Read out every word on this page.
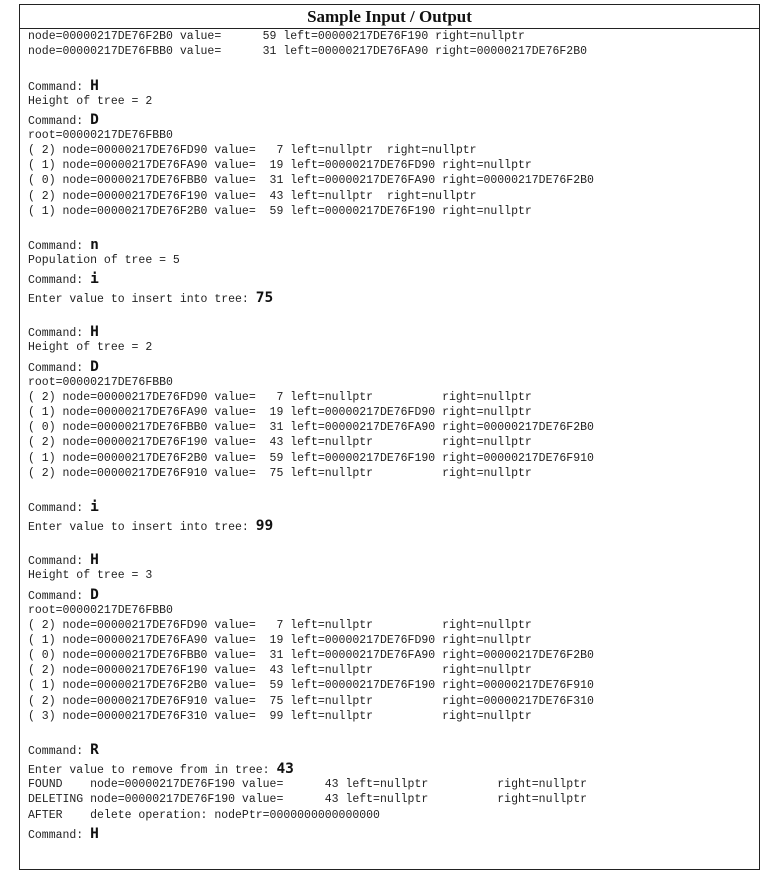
Sample Input / Output
node=00000217DE76F2B0 value=      59 left=00000217DE76F190 right=nullptr
node=00000217DE76FBB0 value=      31 left=00000217DE76FA90 right=00000217DE76F2B0
Command: H
Height of tree = 2
Command: D
root=00000217DE76FBB0
( 2) node=00000217DE76FD90 value=   7 left=nullptr  right=nullptr
( 1) node=00000217DE76FA90 value=  19 left=00000217DE76FD90 right=nullptr
( 0) node=00000217DE76FBB0 value=  31 left=00000217DE76FA90 right=00000217DE76F2B0
( 2) node=00000217DE76F190 value=  43 left=nullptr  right=nullptr
( 1) node=00000217DE76F2B0 value=  59 left=00000217DE76F190 right=nullptr
Command: n
Population of tree = 5
Command: i
Enter value to insert into tree: 75
Command: H
Height of tree = 2
Command: D
root=00000217DE76FBB0
( 2) node=00000217DE76FD90 value=   7 left=nullptr          right=nullptr
( 1) node=00000217DE76FA90 value=  19 left=00000217DE76FD90 right=nullptr
( 0) node=00000217DE76FBB0 value=  31 left=00000217DE76FA90 right=00000217DE76F2B0
( 2) node=00000217DE76F190 value=  43 left=nullptr          right=nullptr
( 1) node=00000217DE76F2B0 value=  59 left=00000217DE76F190 right=00000217DE76F910
( 2) node=00000217DE76F910 value=  75 left=nullptr          right=nullptr
Command: i
Enter value to insert into tree: 99
Command: H
Height of tree = 3
Command: D
root=00000217DE76FBB0
( 2) node=00000217DE76FD90 value=   7 left=nullptr          right=nullptr
( 1) node=00000217DE76FA90 value=  19 left=00000217DE76FD90 right=nullptr
( 0) node=00000217DE76FBB0 value=  31 left=00000217DE76FA90 right=00000217DE76F2B0
( 2) node=00000217DE76F190 value=  43 left=nullptr          right=nullptr
( 1) node=00000217DE76F2B0 value=  59 left=00000217DE76F190 right=00000217DE76F910
( 2) node=00000217DE76F910 value=  75 left=nullptr          right=00000217DE76F310
( 3) node=00000217DE76F310 value=  99 left=nullptr          right=nullptr
Command: R
Enter value to remove from in tree: 43
FOUND    node=00000217DE76F190 value=      43 left=nullptr          right=nullptr
DELETING node=00000217DE76F190 value=      43 left=nullptr          right=nullptr
AFTER    delete operation: nodePtr=0000000000000000
Command: H
